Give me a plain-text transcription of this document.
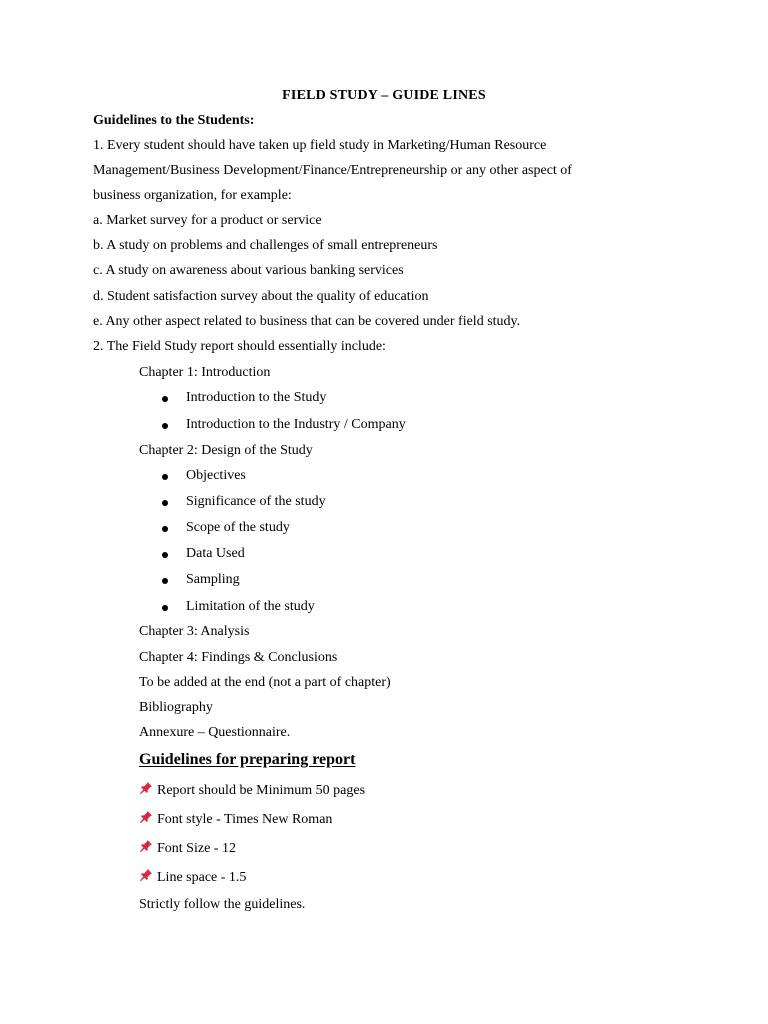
FIELD STUDY – GUIDE LINES
Guidelines to the Students:
1. Every student should have taken up field study in Marketing/Human Resource
Management/Business Development/Finance/Entrepreneurship or any other aspect of
business organization, for example:
a. Market survey for a product or service
b. A study on problems and challenges of small entrepreneurs
c. A study on awareness about various banking services
d. Student satisfaction survey about the quality of education
e. Any other aspect related to business that can be covered under field study.
2. The Field Study report should essentially include:
Chapter 1: Introduction
Introduction to the Study
Introduction to the Industry / Company
Chapter 2: Design of the Study
Objectives
Significance of the study
Scope of the study
Data Used
Sampling
Limitation of the study
Chapter 3: Analysis
Chapter 4: Findings & Conclusions
To be added at the end (not a part of chapter)
Bibliography
Annexure – Questionnaire.
Guidelines for preparing report
Report should be Minimum 50 pages
Font style - Times New Roman
Font Size - 12
Line space - 1.5
Strictly follow the guidelines.
